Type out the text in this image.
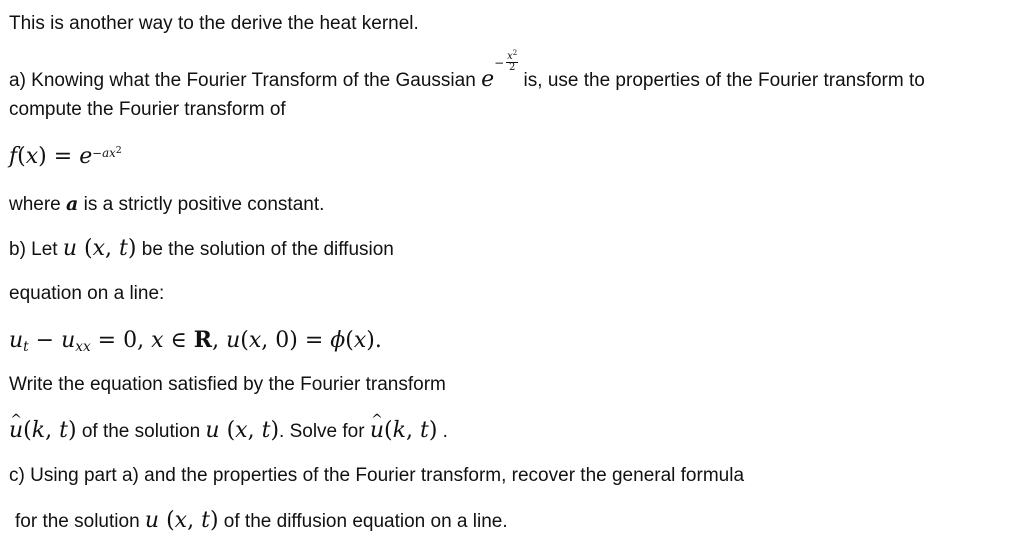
This is another way to the derive the heat kernel.
a) Knowing what the Fourier Transform of the Gaussian $e- \frac{x^2}{2}$
is, use the properties of the Fourier transform to
compute the Fourier transform of
$f(x) = e^{-ax^2}$
where a is a strictly positive constant.
b) Let u (x, t) be the solution of the diffusion
equation on a line:
$u_t - u_{xx} = 0$, x ∈ R, u(x, 0) = ϕ(x).
Write the equation satisfied by the Fourier transform
u ^(k, t) of the solution u (x, t). Solve for u ^(k, t) .
c) Using part a) and the properties of the Fourier transform, recover the general formula
for the solution u (x, t) of the diffusion equation on a line.
